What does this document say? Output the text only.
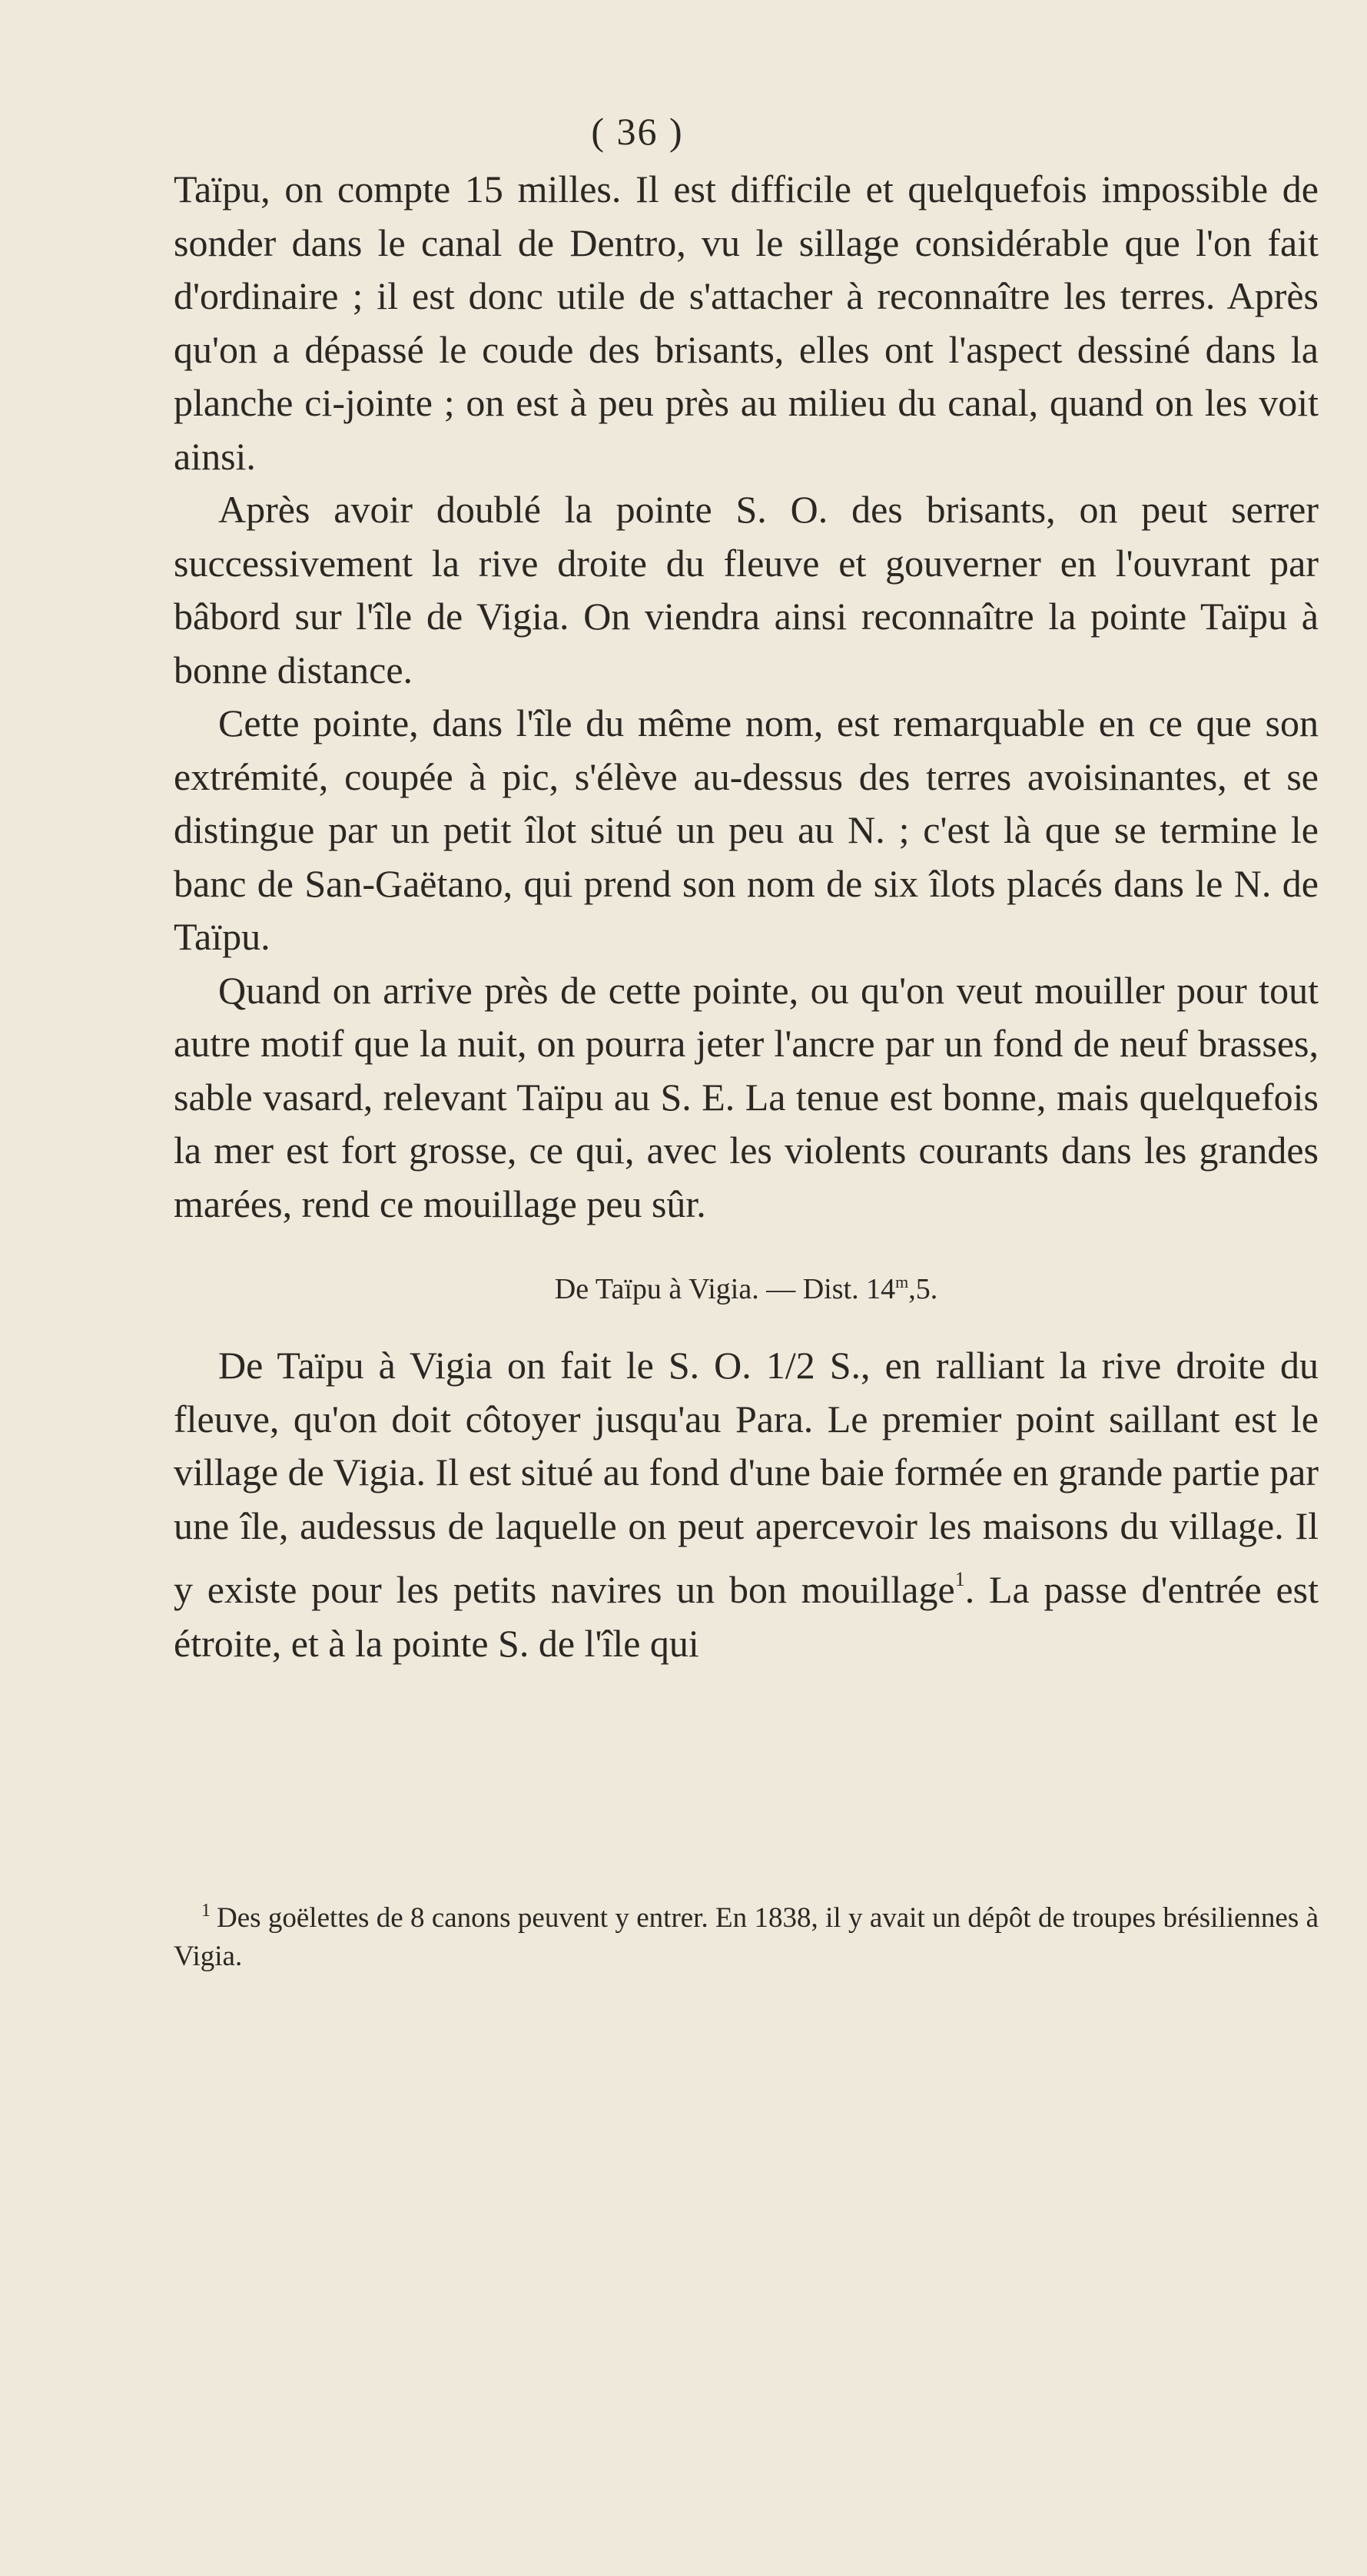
( 36 )

Taïpu, on compte 15 milles. Il est difficile et quelquefois impossible de sonder dans le canal de Dentro, vu le sillage considérable que l'on fait d'ordinaire ; il est donc utile de s'attacher à reconnaître les terres. Après qu'on a dépassé le coude des brisants, elles ont l'aspect dessiné dans la planche ci-jointe ; on est à peu près au milieu du canal, quand on les voit ainsi.

Après avoir doublé la pointe S. O. des brisants, on peut serrer successivement la rive droite du fleuve et gouverner en l'ouvrant par bâbord sur l'île de Vigia. On viendra ainsi reconnaître la pointe Taïpu à bonne distance.

Cette pointe, dans l'île du même nom, est remarquable en ce que son extrémité, coupée à pic, s'élève au-dessus des terres avoisinantes, et se distingue par un petit îlot situé un peu au N. ; c'est là que se termine le banc de San-Gaëtano, qui prend son nom de six îlots placés dans le N. de Taïpu.

Quand on arrive près de cette pointe, ou qu'on veut mouiller pour tout autre motif que la nuit, on pourra jeter l'ancre par un fond de neuf brasses, sable vasard, relevant Taïpu au S. E. La tenue est bonne, mais quelquefois la mer est fort grosse, ce qui, avec les violents courants dans les grandes marées, rend ce mouillage peu sûr.

De Taïpu à Vigia. — Dist. 14$^m$,5.

De Taïpu à Vigia on fait le S. O. 1/2 S., en ralliant la rive droite du fleuve, qu'on doit côtoyer jusqu'au Para. Le premier point saillant est le village de Vigia. Il est situé au fond d'une baie formée en grande partie par une île, audessus de laquelle on peut apercevoir les maisons du village. Il y existe pour les petits navires un bon mouillage$^1$. La passe d'entrée est étroite, et à la pointe S. de l'île qui

$^1$ Des goëlettes de 8 canons peuvent y entrer. En 1838, il y avait un dépôt de troupes brésiliennes à Vigia.
